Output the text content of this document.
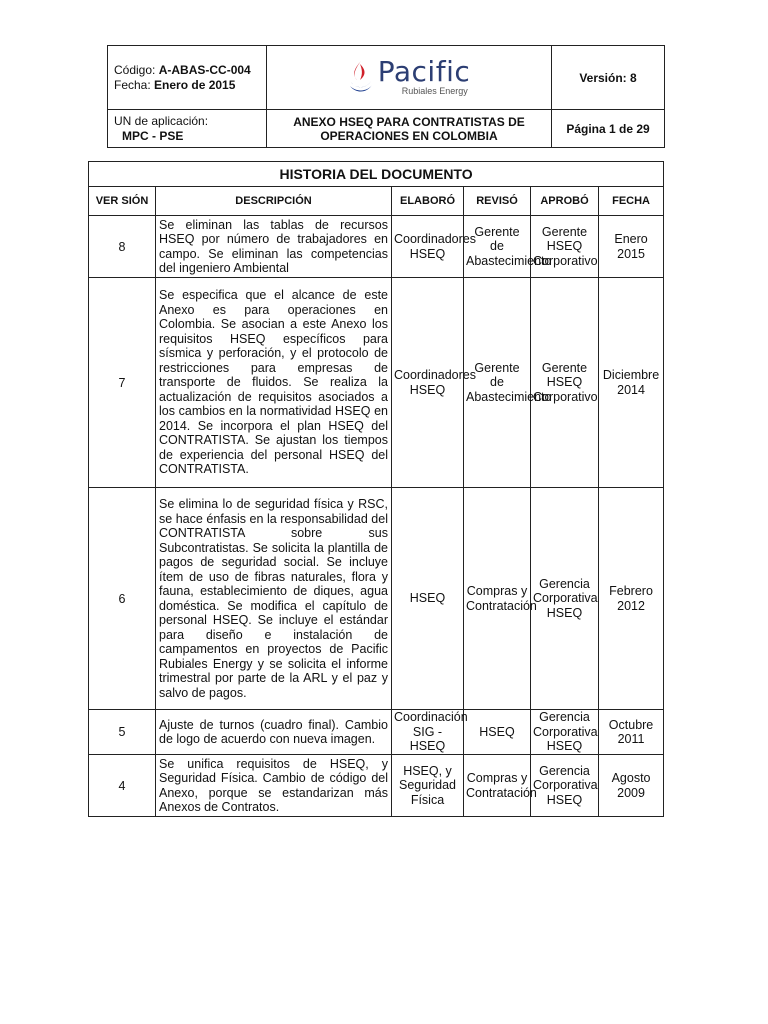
Código: A-ABAS-CC-004
Fecha: Enero de 2015	Pacific
Rubiales Energy	Versión: 8
UN de aplicación:
MPC - PSE	ANEXO HSEQ PARA CONTRATISTAS DE OPERACIONES EN COLOMBIA	Página 1 de 29
HISTORIA DEL DOCUMENTO					
VER SIÓN	DESCRIPCIÓN	ELABORÓ	REVISÓ	APROBÓ	FECHA
8	Se eliminan las tablas de recursos HSEQ por número de trabajadores en campo. Se eliminan las competencias del ingeniero Ambiental	Coordinadores HSEQ	Gerente de Abastecimiento	Gerente HSEQ Corporativo	Enero 2015
7	Se especifica que el alcance de este Anexo es para operaciones en Colombia. Se asocian a este Anexo los requisitos HSEQ específicos para sísmica y perforación, y el protocolo de restricciones para empresas de transporte de fluidos. Se realiza la actualización de requisitos asociados a los cambios en la normatividad HSEQ en 2014. Se incorpora el plan HSEQ del CONTRATISTA. Se ajustan los tiempos de experiencia del personal HSEQ del CONTRATISTA.	Coordinadores HSEQ	Gerente de Abastecimiento	Gerente HSEQ Corporativo	Diciembre 2014
6	Se elimina lo de seguridad física y RSC, se hace énfasis en la responsabilidad del CONTRATISTA sobre sus Subcontratistas. Se solicita la plantilla de pagos de seguridad social. Se incluye ítem de uso de fibras naturales, flora y fauna, establecimiento de diques, agua doméstica. Se modifica el capítulo de personal HSEQ. Se incluye el estándar para diseño e instalación de campamentos en proyectos de Pacific Rubiales Energy y se solicita el informe trimestral por parte de la ARL y el paz y salvo de pagos.	HSEQ	Compras y Contratación	Gerencia Corporativa HSEQ	Febrero 2012
5	Ajuste de turnos (cuadro final). Cambio de logo de acuerdo con nueva imagen.	Coordinación SIG - HSEQ	HSEQ	Gerencia Corporativa HSEQ	Octubre 2011
4	Se unifica requisitos de HSEQ, y Seguridad Física. Cambio de código del Anexo, porque se estandarizan más Anexos de Contratos.	HSEQ, y Seguridad Física	Compras y Contratación	Gerencia Corporativa HSEQ	Agosto 2009
